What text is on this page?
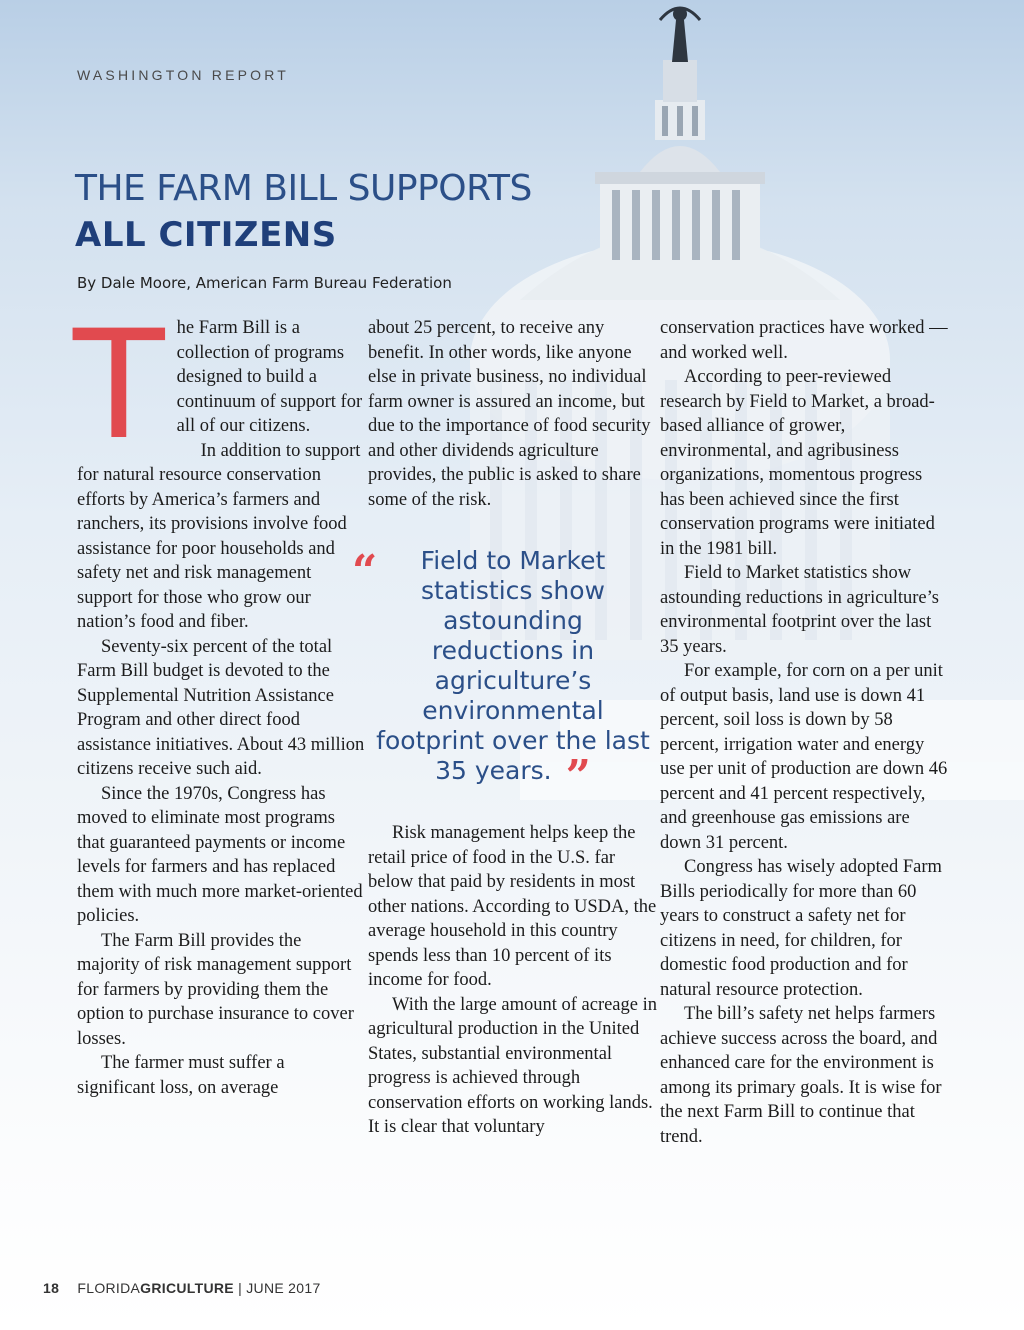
WASHINGTON REPORT

THE FARM BILL SUPPORTS
ALL CITIZENS

By Dale Moore, American Farm Bureau Federation

T he Farm Bill is a collection of programs designed to build a continuum of support for all of our citizens.

In addition to support for natural resource conservation efforts by America’s farmers and ranchers, its provisions involve food assistance for poor households and safety net and risk management support for those who grow our nation’s food and fiber.

Seventy-six percent of the total Farm Bill budget is devoted to the Supplemental Nutrition Assistance Program and other direct food assistance initiatives. About 43 million citizens receive such aid.

Since the 1970s, Congress has moved to eliminate most programs that guaranteed payments or income levels for farmers and has replaced them with much more market-oriented policies.

The Farm Bill provides the majority of risk management support for farmers by providing them the option to purchase insurance to cover losses.

The farmer must suffer a significant loss, on average

about 25 percent, to receive any benefit. In other words, like anyone else in private business, no individual farm owner is assured an income, but due to the importance of food security and other dividends agriculture provides, the public is asked to share some of the risk.

“ Field to Market statistics show astounding reductions in agriculture’s environmental footprint over the last 35 years. ”

Risk management helps keep the retail price of food in the U.S. far below that paid by residents in most other nations. According to USDA, the average household in this country spends less than 10 percent of its income for food.

With the large amount of acreage in agricultural production in the United States, substantial environmental progress is achieved through conservation efforts on working lands. It is clear that voluntary

conservation practices have worked — and worked well.

According to peer-reviewed research by Field to Market, a broad-based alliance of grower, environmental, and agribusiness organizations, momentous progress has been achieved since the first conservation programs were initiated in the 1981 bill.

Field to Market statistics show astounding reductions in agriculture’s environmental footprint over the last 35 years.

For example, for corn on a per unit of output basis, land use is down 41 percent, soil loss is down by 58 percent, irrigation water and energy use per unit of production are down 46 percent and 41 percent respectively, and greenhouse gas emissions are down 31 percent.

Congress has wisely adopted Farm Bills periodically for more than 60 years to construct a safety net for citizens in need, for children, for domestic food production and for natural resource protection.

The bill’s safety net helps farmers achieve success across the board, and enhanced care for the environment is among its primary goals. It is wise for the next Farm Bill to continue that trend.

18 FLORIDAGRICULTURE | JUNE 2017
